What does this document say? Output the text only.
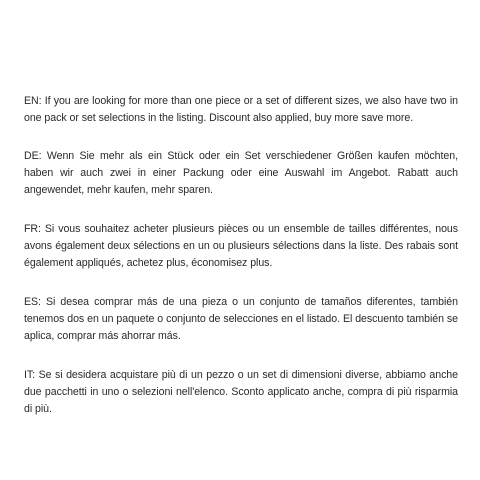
EN: If you are looking for more than one piece or a set of different sizes, we also have two in one pack or set selections in the listing. Discount also applied, buy more save more.

DE: Wenn Sie mehr als ein Stück oder ein Set verschiedener Größen kaufen möchten, haben wir auch zwei in einer Packung oder eine Auswahl im Angebot. Rabatt auch angewendet, mehr kaufen, mehr sparen.

FR: Si vous souhaitez acheter plusieurs pièces ou un ensemble de tailles différentes, nous avons également deux sélections en un ou plusieurs sélections dans la liste. Des rabais sont également appliqués, achetez plus, économisez plus.

ES: Si desea comprar más de una pieza o un conjunto de tamaños diferentes, también tenemos dos en un paquete o conjunto de selecciones en el listado. El descuento también se aplica, comprar más ahorrar más.

IT: Se si desidera acquistare più di un pezzo o un set di dimensioni diverse, abbiamo anche due pacchetti in uno o selezioni nell'elenco. Sconto applicato anche, compra di più risparmia di più.
